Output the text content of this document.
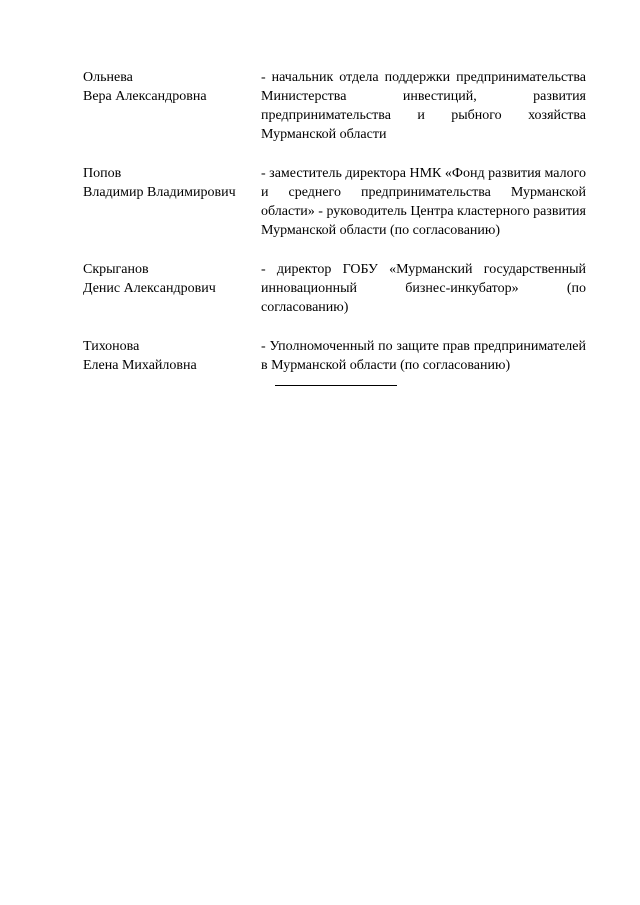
Ольнева
Вера Александровна
- начальник отдела поддержки предпринимательства Министерства инвестиций, развития предпринимательства и рыбного хозяйства Мурманской области
Попов
Владимир Владимирович
- заместитель директора НМК «Фонд развития малого и среднего предпринимательства Мурманской области» - руководитель Центра кластерного развития Мурманской области (по согласованию)
Скрыганов
Денис Александрович
- директор ГОБУ «Мурманский государственный инновационный бизнес-инкубатор» (по согласованию)
Тихонова
Елена Михайловна
- Уполномоченный по защите прав предпринимателей в Мурманской области (по согласованию)
